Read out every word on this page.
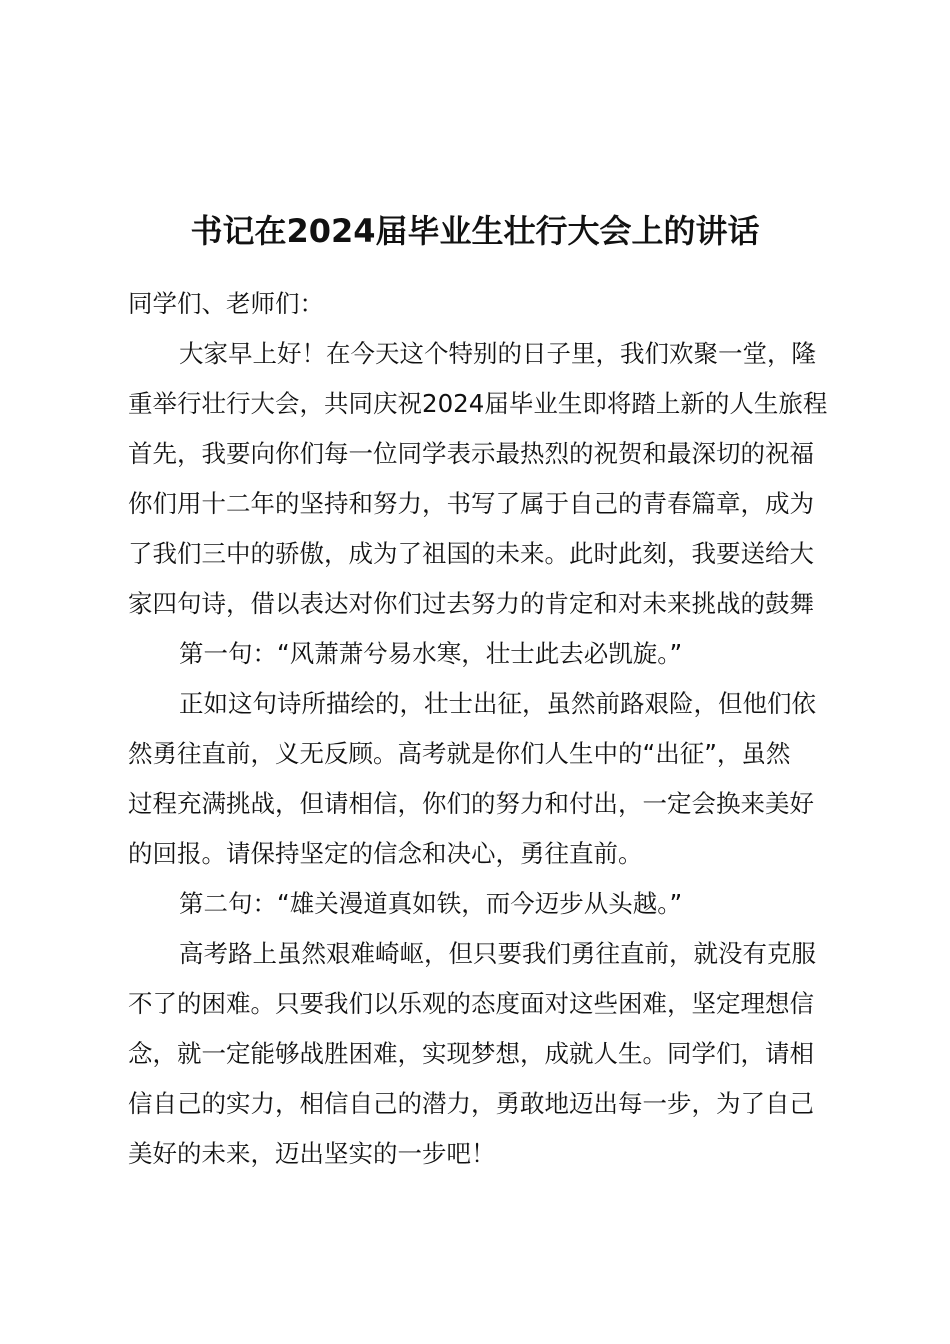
书记在2024届毕业生壮行大会上的讲话
同学们、老师们：
大家早上好！在今天这个特别的日子里，我们欢聚一堂，隆
重举行壮行大会，共同庆祝2024届毕业生即将踏上新的人生旅程
首先，我要向你们每一位同学表示最热烈的祝贺和最深切的祝福
你们用十二年的坚持和努力，书写了属于自己的青春篇章，成为
了我们三中的骄傲，成为了祖国的未来。此时此刻，我要送给大
家四句诗，借以表达对你们过去努力的肯定和对未来挑战的鼓舞
第一句：“风萧萧兮易水寒，壮士此去必凯旋。”
正如这句诗所描绘的，壮士出征，虽然前路艰险，但他们依
然勇往直前，义无反顾。高考就是你们人生中的“出征”，虽然
过程充满挑战，但请相信，你们的努力和付出，一定会换来美好
的回报。请保持坚定的信念和决心，勇往直前。
第二句：“雄关漫道真如铁，而今迈步从头越。”
高考路上虽然艰难崎岖，但只要我们勇往直前，就没有克服
不了的困难。只要我们以乐观的态度面对这些困难，坚定理想信
念，就一定能够战胜困难，实现梦想，成就人生。同学们，请相
信自己的实力，相信自己的潜力，勇敢地迈出每一步，为了自己
美好的未来，迈出坚实的一步吧！
